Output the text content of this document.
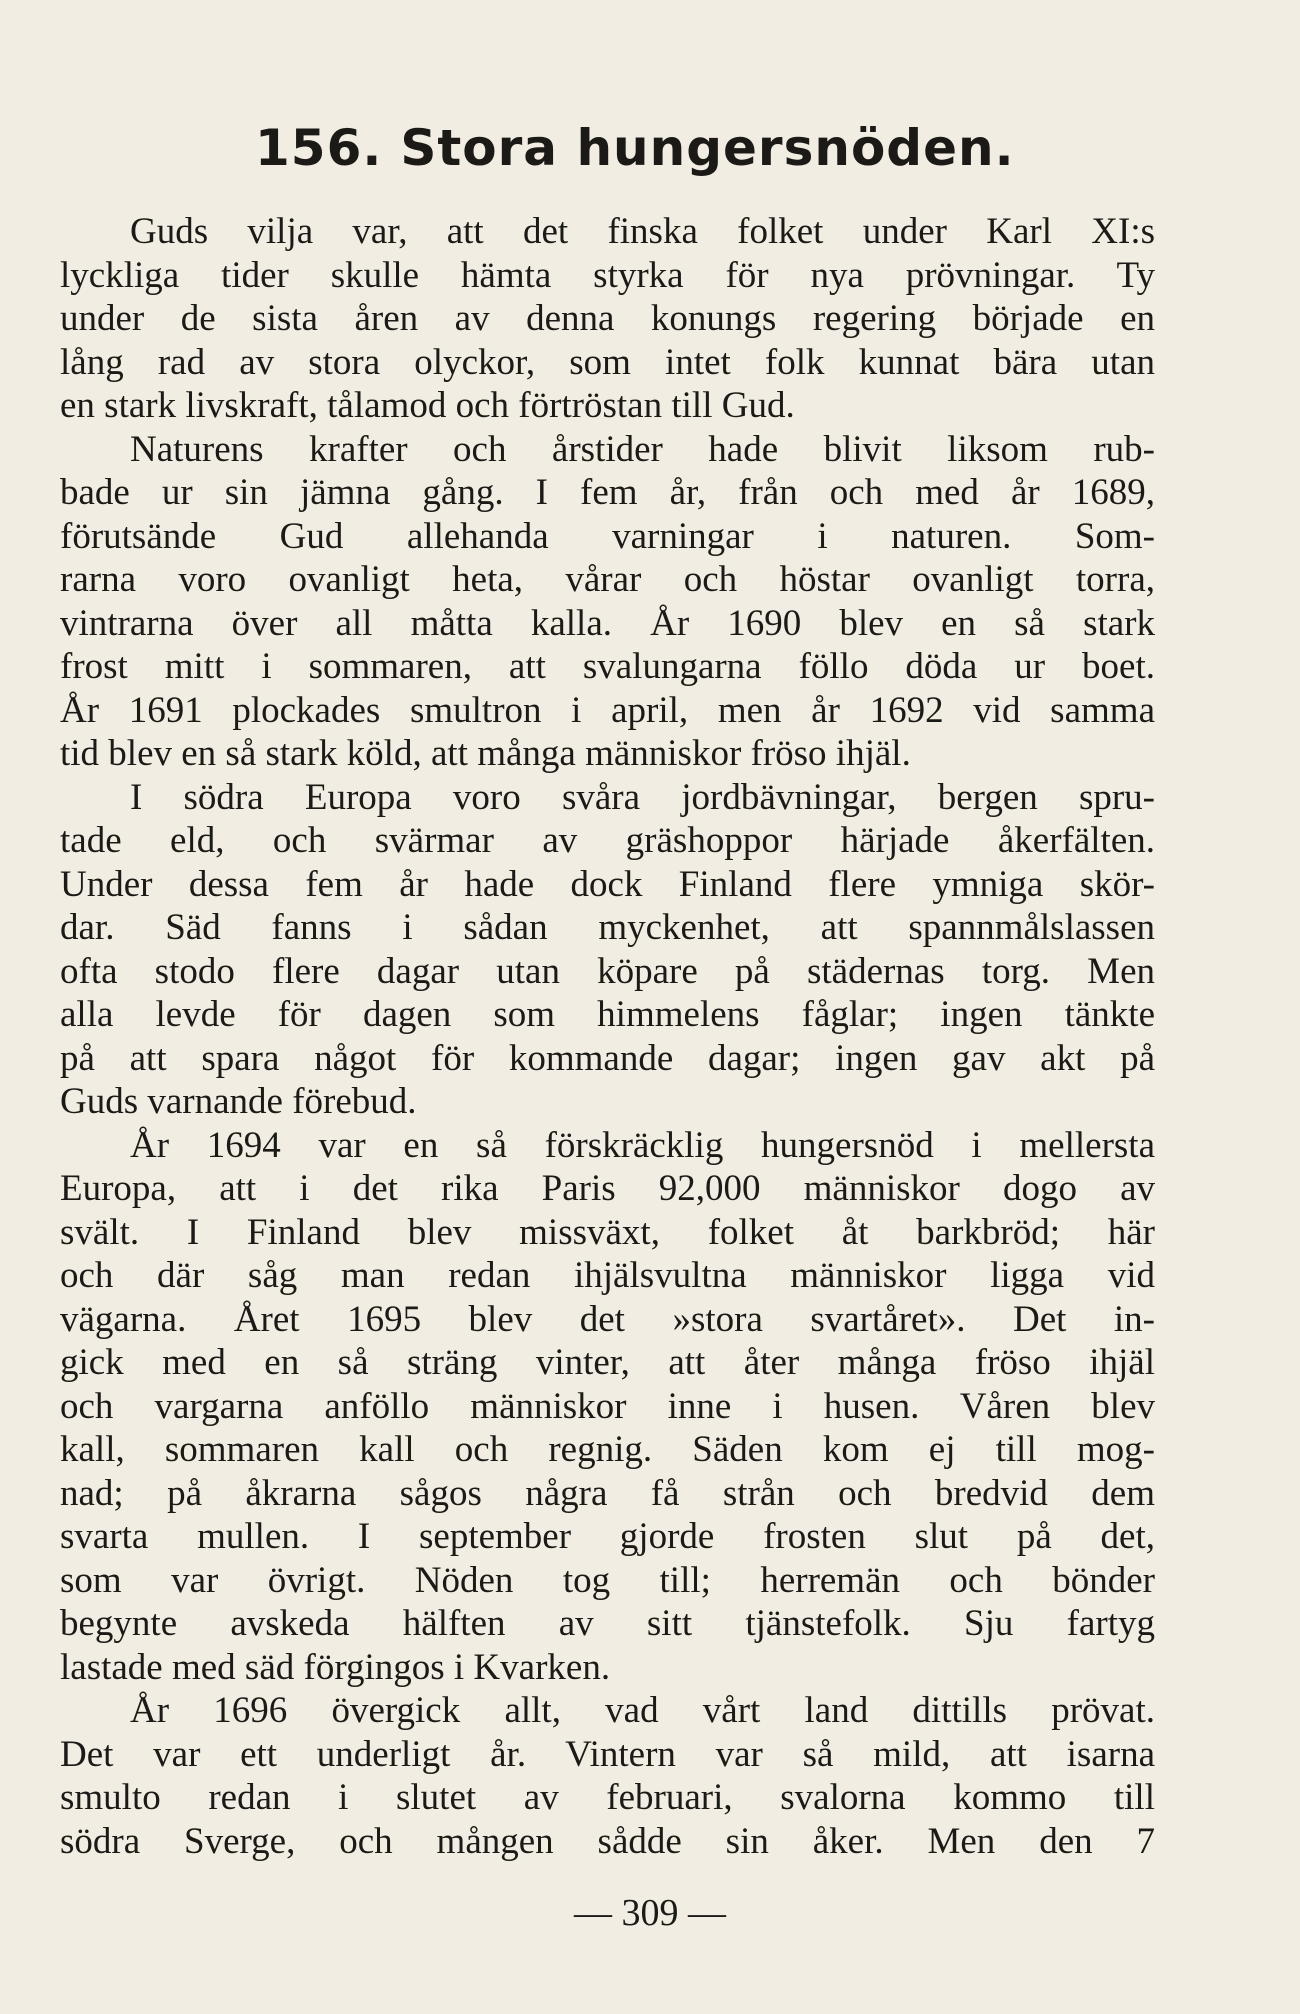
156. Stora hungersnöden.
Guds vilja var, att det finska folket under Karl XI:s
lyckliga tider skulle hämta styrka för nya prövningar. Ty
under de sista åren av denna konungs regering började en
lång rad av stora olyckor, som intet folk kunnat bära utan
en stark livskraft, tålamod och förtröstan till Gud.
Naturens krafter och årstider hade blivit liksom rub-
bade ur sin jämna gång. I fem år, från och med år 1689,
förutsände Gud allehanda varningar i naturen. Som-
rarna voro ovanligt heta, vårar och höstar ovanligt torra,
vintrarna över all måtta kalla. År 1690 blev en så stark
frost mitt i sommaren, att svalungarna föllo döda ur boet.
År 1691 plockades smultron i april, men år 1692 vid samma
tid blev en så stark köld, att många människor fröso ihjäl.
I södra Europa voro svåra jordbävningar, bergen spru-
tade eld, och svärmar av gräshoppor härjade åkerfälten.
Under dessa fem år hade dock Finland flere ymniga skör-
dar. Säd fanns i sådan myckenhet, att spannmålslassen
ofta stodo flere dagar utan köpare på städernas torg. Men
alla levde för dagen som himmelens fåglar; ingen tänkte
på att spara något för kommande dagar; ingen gav akt på
Guds varnande förebud.
År 1694 var en så förskräcklig hungersnöd i mellersta
Europa, att i det rika Paris 92,000 människor dogo av
svält. I Finland blev missväxt, folket åt barkbröd; här
och där såg man redan ihjälsvultna människor ligga vid
vägarna. Året 1695 blev det »stora svartåret». Det in-
gick med en så sträng vinter, att åter många fröso ihjäl
och vargarna anföllo människor inne i husen. Våren blev
kall, sommaren kall och regnig. Säden kom ej till mog-
nad; på åkrarna sågos några få strån och bredvid dem
svarta mullen. I september gjorde frosten slut på det,
som var övrigt. Nöden tog till; herremän och bönder
begynte avskeda hälften av sitt tjänstefolk. Sju fartyg
lastade med säd förgingos i Kvarken.
År 1696 övergick allt, vad vårt land dittills prövat.
Det var ett underligt år. Vintern var så mild, att isarna
smulto redan i slutet av februari, svalorna kommo till
södra Sverge, och mången sådde sin åker. Men den 7
— 309 —
